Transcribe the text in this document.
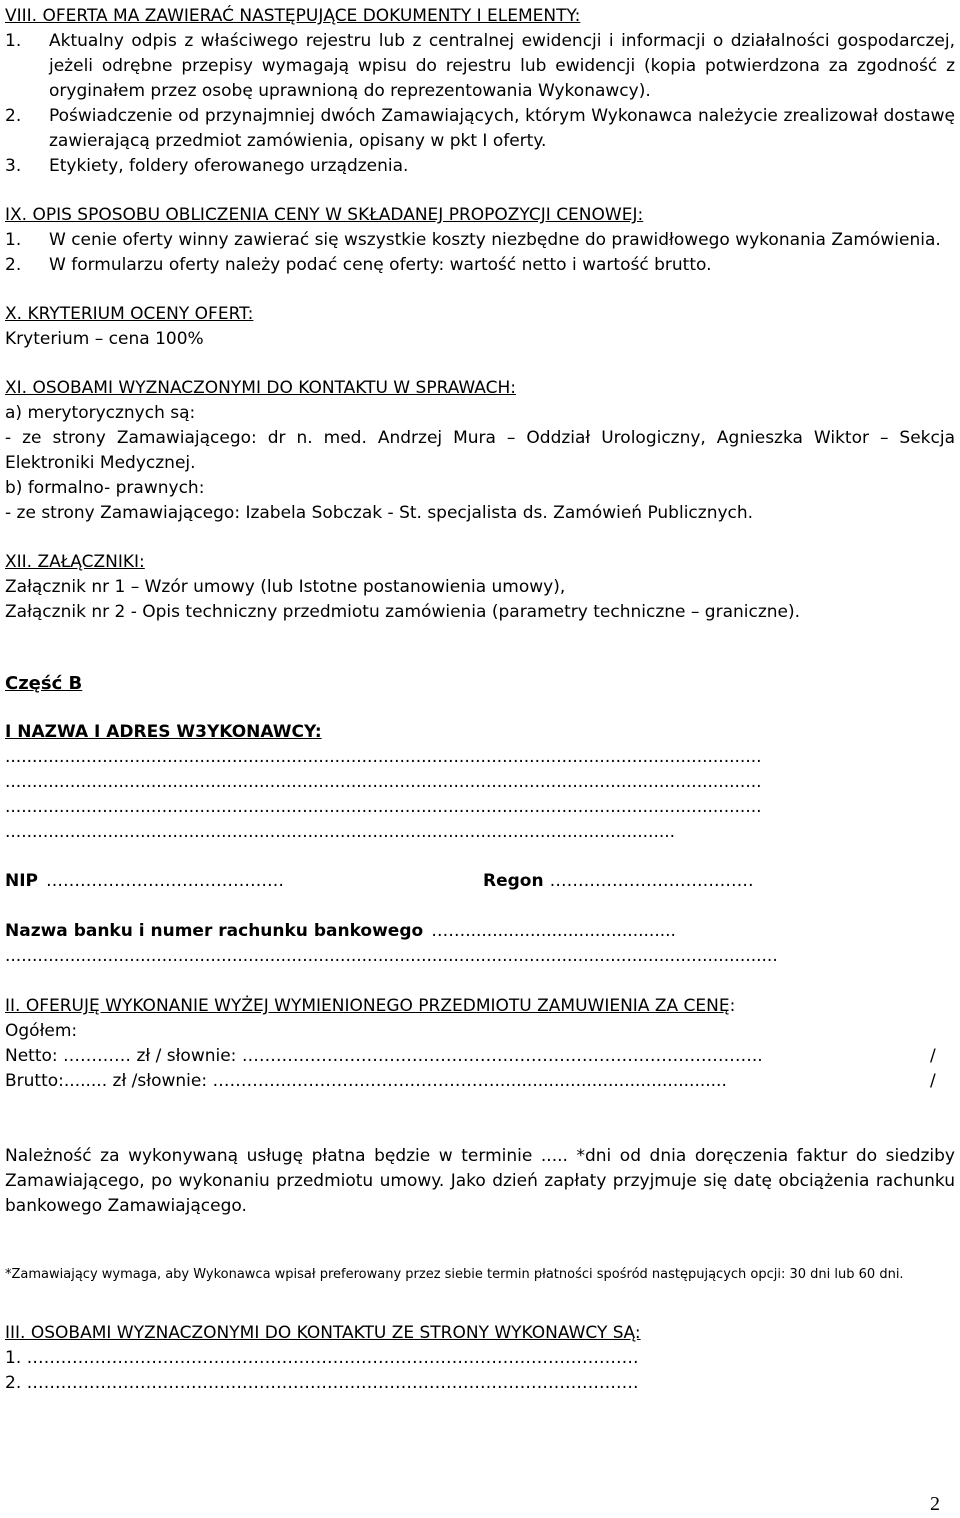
VIII. OFERTA MA ZAWIERAĆ NASTĘPUJĄCE DOKUMENTY I ELEMENTY:

1.	Aktualny odpis z właściwego rejestru lub z centralnej ewidencji i informacji o działalności gospodarczej, jeżeli odrębne przepisy wymagają wpisu do rejestru lub ewidencji (kopia potwierdzona za zgodność z oryginałem przez osobę uprawnioną do reprezentowania Wykonawcy).
2.	Poświadczenie od przynajmniej dwóch Zamawiających, którym Wykonawca należycie zrealizował dostawę zawierającą przedmiot zamówienia, opisany w pkt I oferty.
3.	Etykiety, foldery oferowanego urządzenia.

IX. OPIS SPOSOBU OBLICZENIA CENY W SKŁADANEJ PROPOZYCJI CENOWEJ:

1.	W cenie oferty winny zawierać się wszystkie koszty niezbędne do prawidłowego wykonania Zamówienia.
2.	W formularzu oferty należy podać cenę oferty: wartość netto i wartość brutto.

X. KRYTERIUM OCENY OFERT:

Kryterium – cena 100%

XI. OSOBAMI WYZNACZONYMI DO KONTAKTU W SPRAWACH:

a) merytorycznych są:

- ze strony Zamawiającego: dr n. med. Andrzej Mura – Oddział Urologiczny, Agnieszka Wiktor – Sekcja Elektroniki Medycznej.

b) formalno- prawnych:

- ze strony Zamawiającego: Izabela Sobczak - St. specjalista ds. Zamówień Publicznych.

XII. ZAŁĄCZNIKI:

Załącznik nr 1 – Wzór umowy (lub Istotne postanowienia umowy),

Załącznik nr 2 - Opis techniczny przedmiotu zamówienia (parametry techniczne – graniczne).

Część B

I NAZWA I ADRES W3YKONAWCY:

............................................................................................................................................

............................................................................................................................................

............................................................................................................................................

............................................................................................................................

NIP ……………………………………	Regon ………………………………
Nazwa banku i numer rachunku bankowego …….......................................

...............................................................................................................................................

II. OFERUJĘ WYKONANIE WYŻEJ WYMIENIONEGO PRZEDMIOTU ZAMUWIENIA ZA CENĘ:

Ogółem:

Netto: ………… zł / słownie: ………………………………………………………………………………..	/
Brutto:........ zł /słownie: …………..…………..…….……………...........................................	/

Należność za wykonywaną usługę płatna będzie w terminie ..... *dni od dnia doręczenia faktur do siedziby Zamawiającego, po wykonaniu przedmiotu umowy. Jako dzień zapłaty przyjmuje się datę obciążenia rachunku bankowego Zamawiającego.

*Zamawiający wymaga, aby Wykonawca wpisał preferowany przez siebie termin płatności spośród następujących opcji: 30 dni lub 60 dni.

III. OSOBAMI WYZNACZONYMI DO KONTAKTU ZE STRONY WYKONAWCY SĄ:

1. ………………………………………………………………………………………………

2. ………………………………………………………………………………………………

2
